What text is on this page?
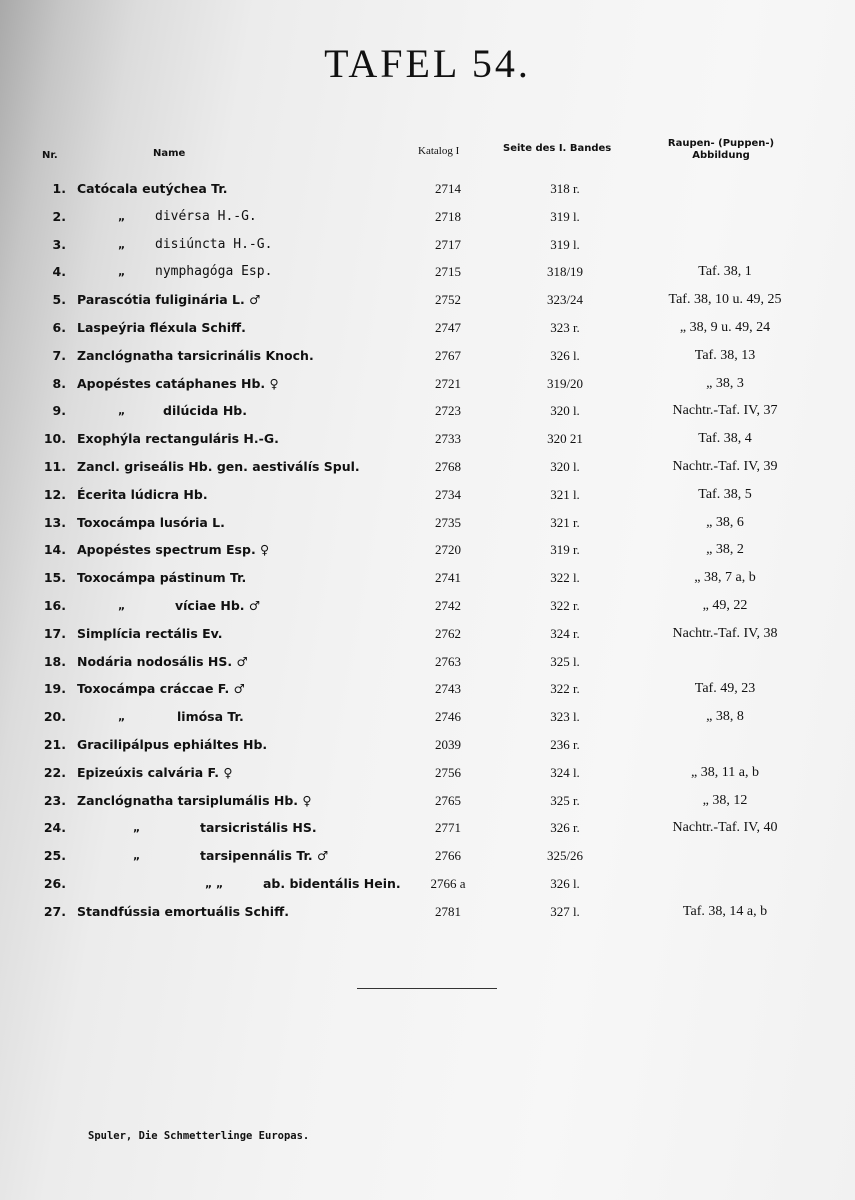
TAFEL 54.
Nr.	Name	Katalog I	Seite des I. Bandes	Raupen- (Puppen-)
Abbildung
1. Catócala eutýchea Tr.	2714	318 r.
2.	„ divérsa H.-G.	2718	319 l.
3.	„ disiúncta H.-G.	2717	319 l.
4.	„ nymphagóga Esp.	2715	318/19	Taf. 38, 1
5. Parascótia fuliginária L. ♂	2752	323/24	Taf. 38, 10 u. 49, 25
6. Laspeýria fléxula Schiff.	2747	323 r.	„ 38, 9 u. 49, 24
7. Zanclógnatha tarsicrinális Knoch.	2767	326 l.	Taf. 38, 13
8. Apopéstes catáphanes Hb. ♀	2721	319/20	„ 38, 3
9.	„	dilúcida Hb.	2723	320 l.	Nachtr.-Taf. IV, 37
10. Exophýla rectanguláris H.-G.	2733	320 21	Taf. 38, 4
11. Zancl. griseális Hb. gen. aestiválís Spul.	2768	320 l.	Nachtr.-Taf. IV, 39
12. Écerita lúdicra Hb.	2734	321 l.	Taf. 38, 5
13. Toxocámpa lusória L.	2735	321 r.	„ 38, 6
14. Apopéstes spectrum Esp. ♀	2720	319 r.	„ 38, 2
15. Toxocámpa pástinum Tr.	2741	322 l.	„ 38, 7 a, b
16.	„	víciae Hb. ♂	2742	322 r.	„ 49, 22
17. Simplícia rectális Ev.	2762	324 r.	Nachtr.-Taf. IV, 38
18. Nodária nodosális HS. ♂	2763	325 l.
19. Toxocámpa cráccae F. ♂	2743	322 r.	Taf. 49, 23
20.	„	limósa Tr.	2746	323 l.	„ 38, 8
21. Gracilipálpus ephiáltes Hb.	2039	236 r.
22. Epizeúxis calvária F. ♀	2756	324 l.	„ 38, 11 a, b
23. Zanclógnatha tarsiplumális Hb. ♀	2765	325 r.	„ 38, 12
24.	„	tarsicristális HS.	2771	326 r.	Nachtr.-Taf. IV, 40
25.	„	tarsipennális Tr. ♂	2766	325/26
26.	„ „	ab. bidentális Hein.	2766 a	326 l.
27. Standfússia emortuális Schiff.	2781	327 l.	Taf. 38, 14 a, b
Spuler, Die Schmetterlinge Europas.
